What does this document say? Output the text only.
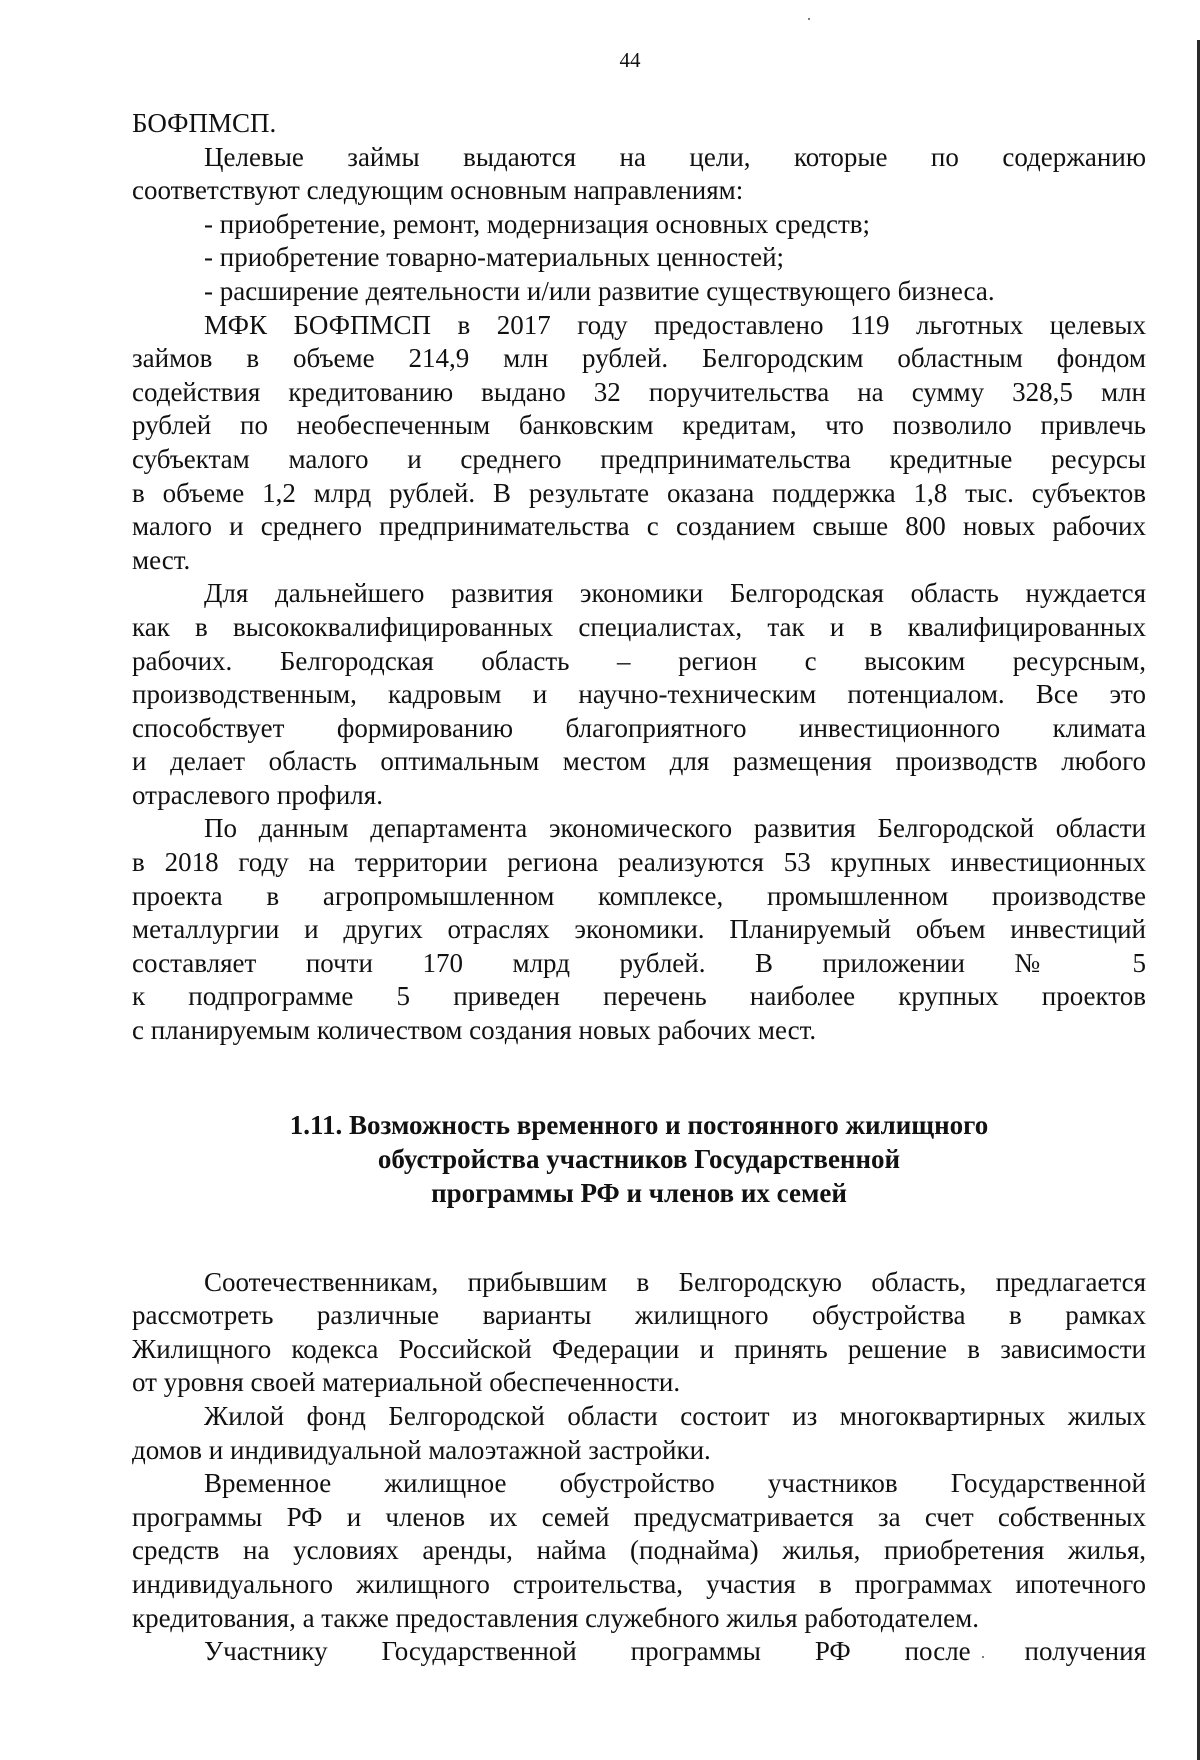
44
БОФПМСП.
Целевые займы выдаются на цели, которые по содержанию
соответствуют следующим основным направлениям:
- приобретение, ремонт, модернизация основных средств;
- приобретение товарно-материальных ценностей;
- расширение деятельности и/или развитие существующего бизнеса.
МФК БОФПМСП в 2017 году предоставлено 119 льготных целевых
займов в объеме 214,9 млн рублей. Белгородским областным фондом
содействия кредитованию выдано 32 поручительства на сумму 328,5 млн
рублей по необеспеченным банковским кредитам, что позволило привлечь
субъектам малого и среднего предпринимательства кредитные ресурсы
в объеме 1,2 млрд рублей. В результате оказана поддержка 1,8 тыс. субъектов
малого и среднего предпринимательства с созданием свыше 800 новых рабочих
мест.
Для дальнейшего развития экономики Белгородская область нуждается
как в высококвалифицированных специалистах, так и в квалифицированных
рабочих. Белгородская область – регион с высоким ресурсным,
производственным, кадровым и научно-техническим потенциалом. Все это
способствует формированию благоприятного инвестиционного климата
и делает область оптимальным местом для размещения производств любого
отраслевого профиля.
По данным департамента экономического развития Белгородской области
в 2018 году на территории региона реализуются 53 крупных инвестиционных
проекта в агропромышленном комплексе, промышленном производстве
металлургии и других отраслях экономики. Планируемый объем инвестиций
составляет почти 170 млрд рублей. В приложении № 5
к подпрограмме 5 приведен перечень наиболее крупных проектов
с планируемым количеством создания новых рабочих мест.
1.11. Возможность временного и постоянного жилищного
обустройства участников Государственной
программы РФ и членов их семей
Соотечественникам, прибывшим в Белгородскую область, предлагается
рассмотреть различные варианты жилищного обустройства в рамках
Жилищного кодекса Российской Федерации и принять решение в зависимости
от уровня своей материальной обеспеченности.
Жилой фонд Белгородской области состоит из многоквартирных жилых
домов и индивидуальной малоэтажной застройки.
Временное жилищное обустройство участников Государственной
программы РФ и членов их семей предусматривается за счет собственных
средств на условиях аренды, найма (поднайма) жилья, приобретения жилья,
индивидуального жилищного строительства, участия в программах ипотечного
кредитования, а также предоставления служебного жилья работодателем.
Участнику Государственной программы РФ после получения
